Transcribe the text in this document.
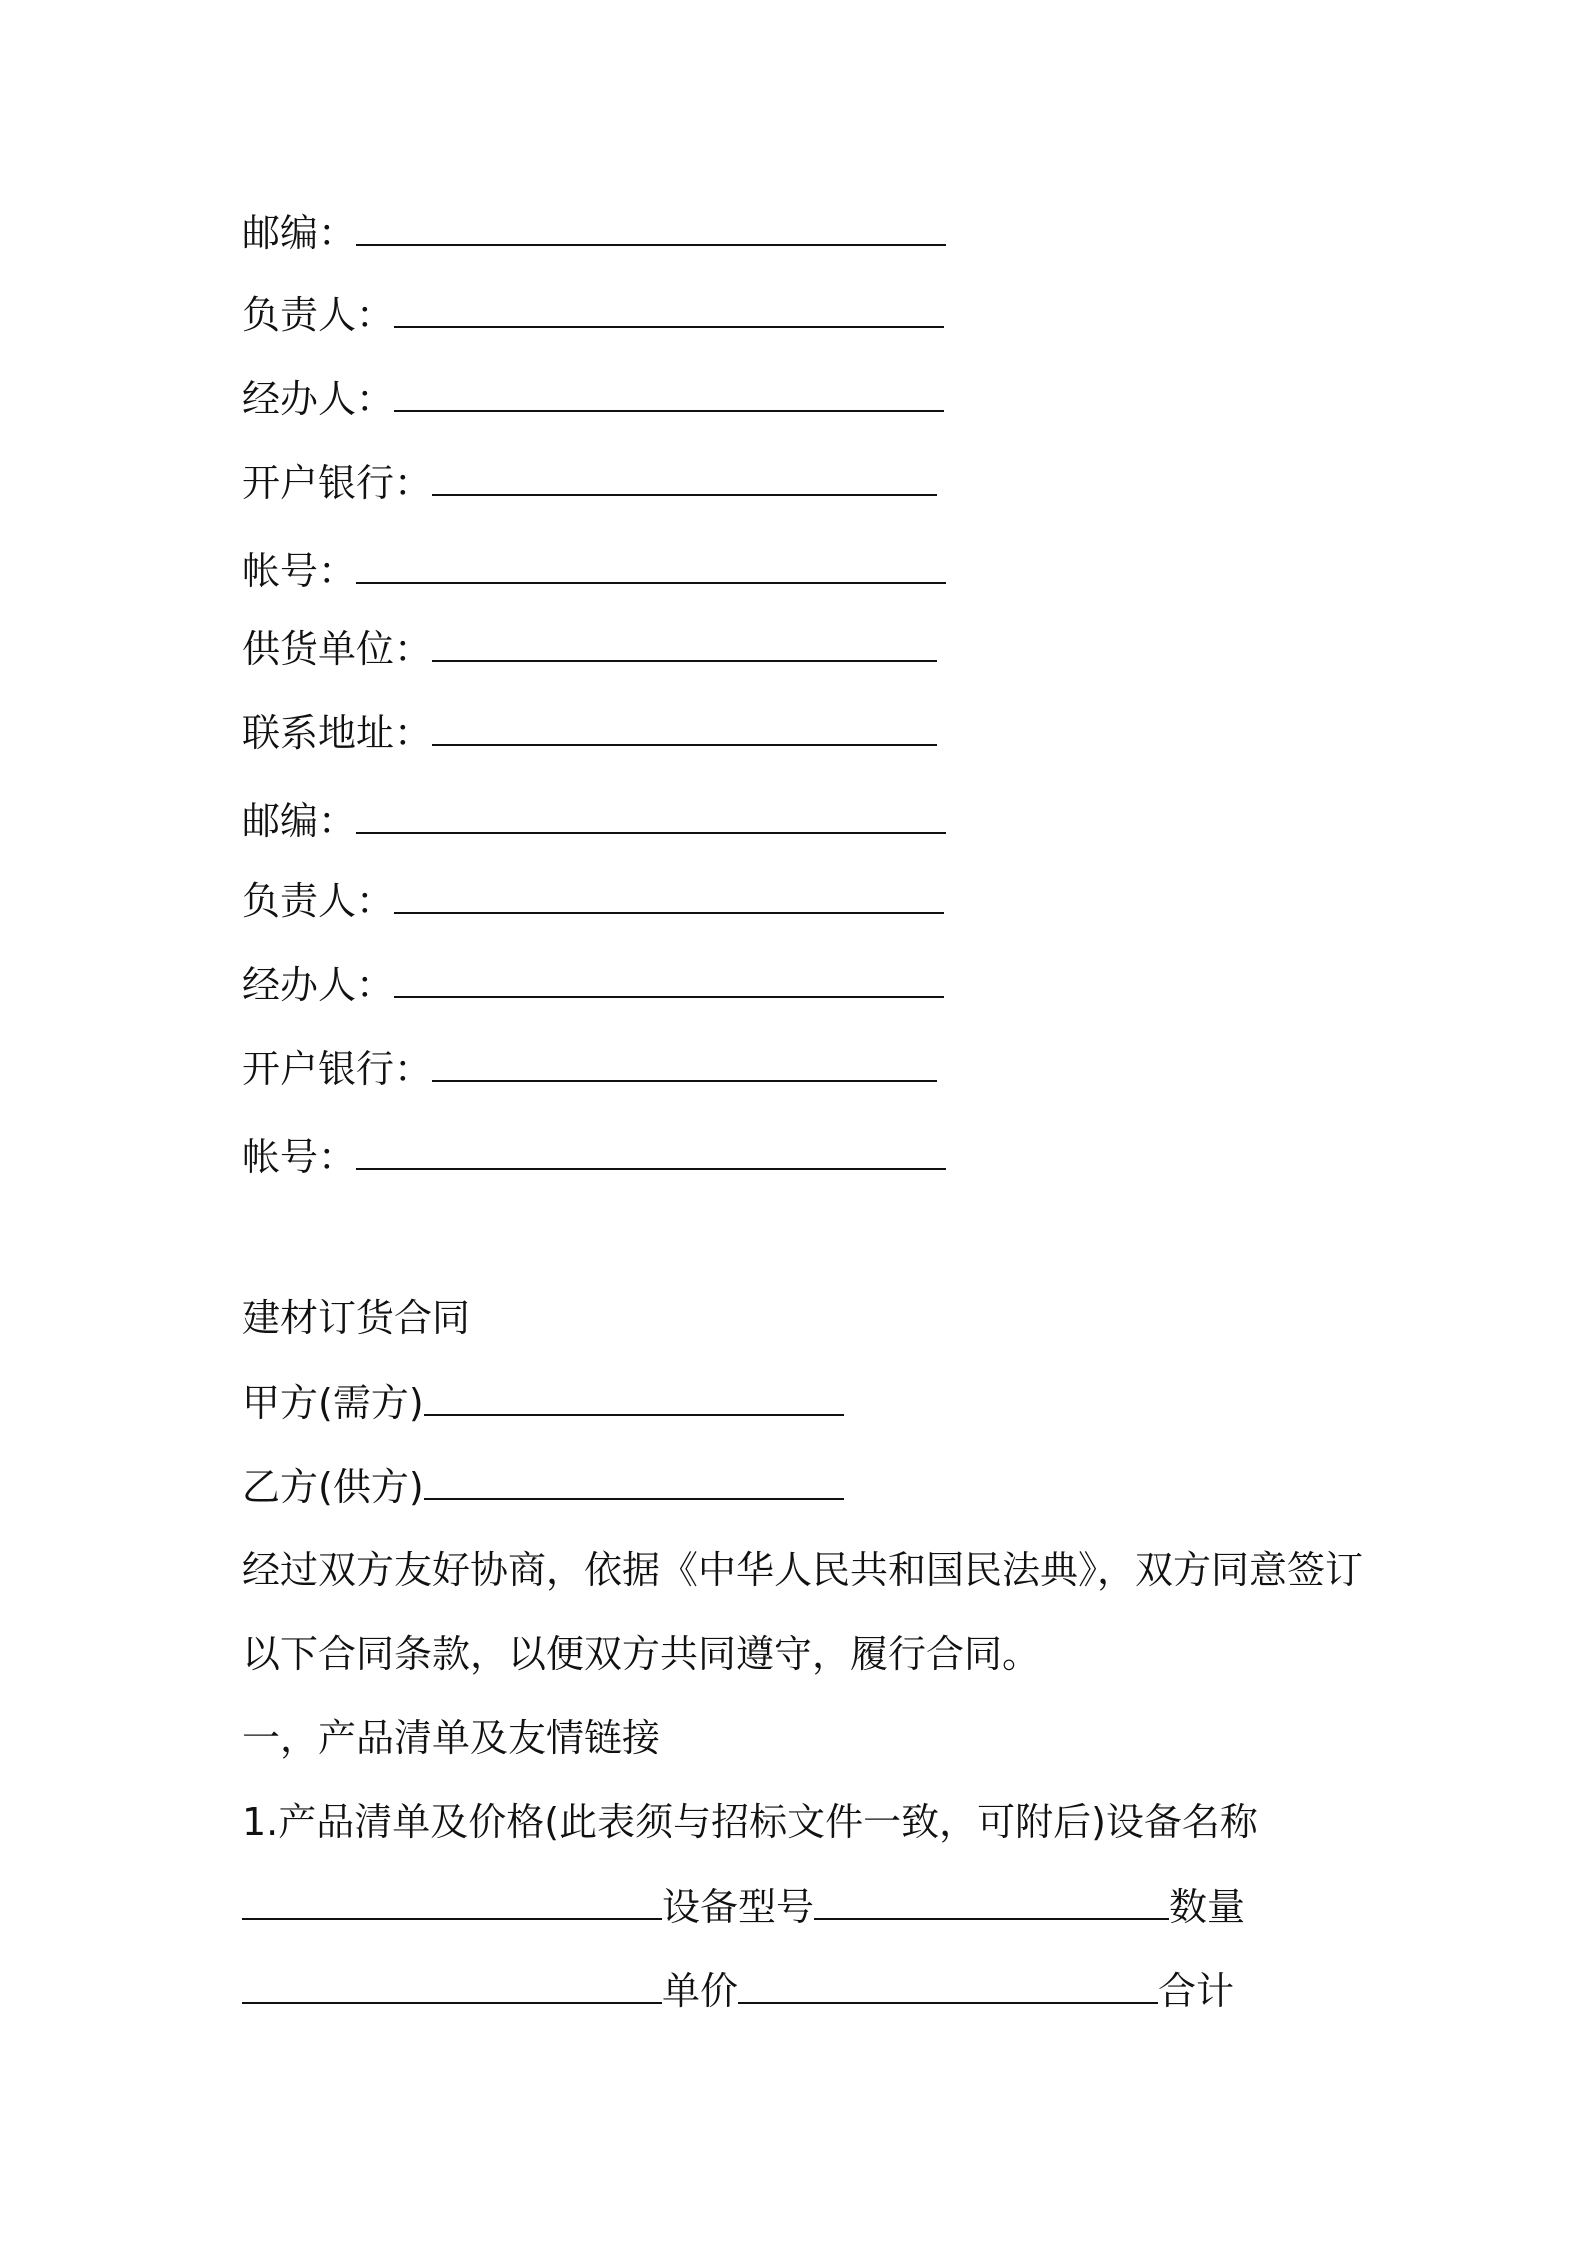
邮编：
负责人：
经办人：
开户银行：
帐号：
供货单位：
联系地址：
邮编：
负责人：
经办人：
开户银行：
帐号：
建材订货合同
甲方(需方)
乙方(供方)
经过双方友好协商，依据《中华人民共和国民法典》，双方同意签订
以下合同条款，以便双方共同遵守，履行合同。
一，产品清单及友情链接
1.产品清单及价格(此表须与招标文件一致，可附后)设备名称
设备型号	数量
单价	合计
